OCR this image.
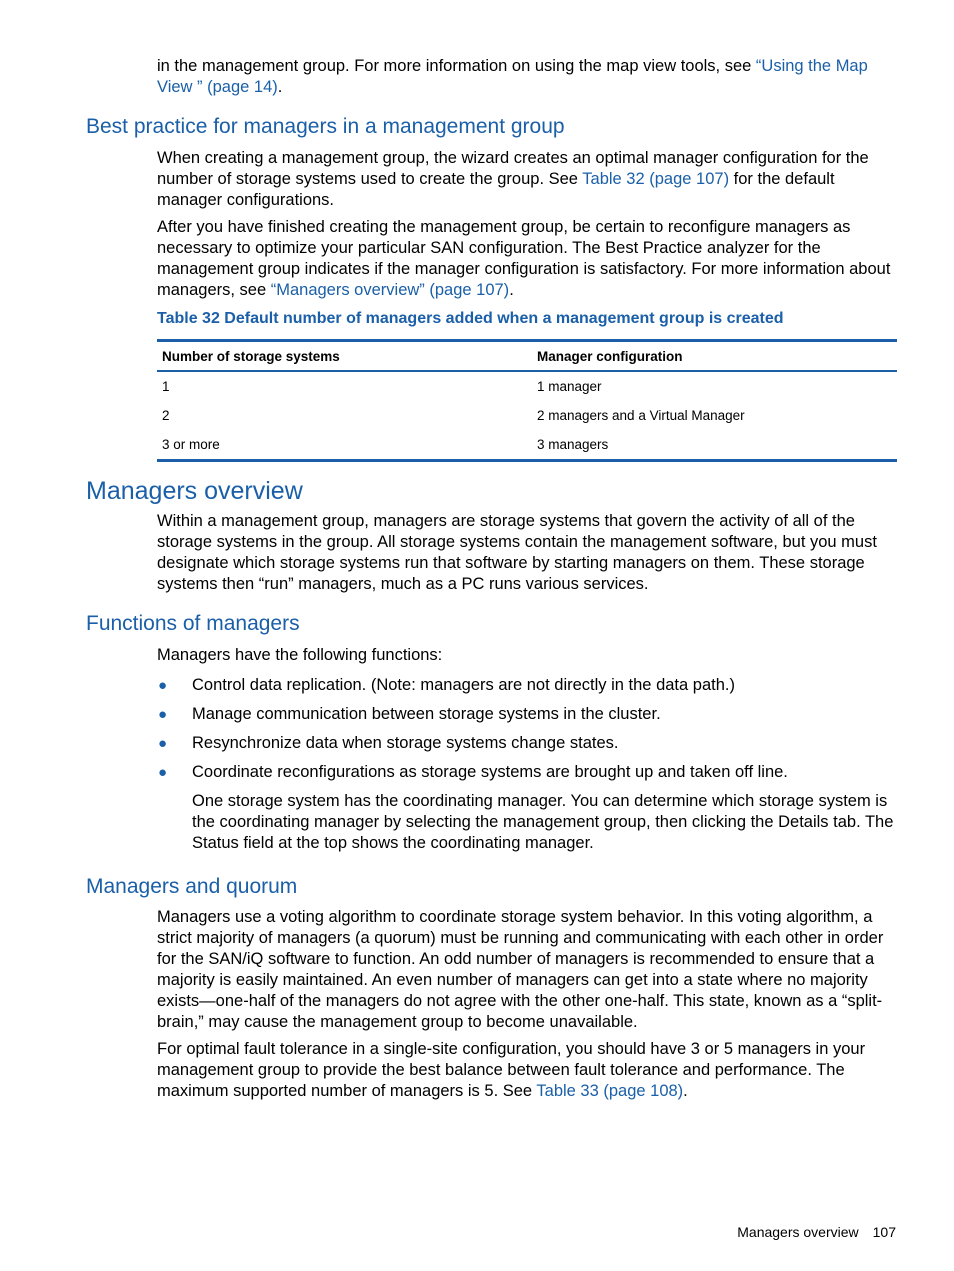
in the management group. For more information on using the map view tools, see “Using the Map View ” (page 14).

Best practice for managers in a management group

When creating a management group, the wizard creates an optimal manager configuration for the number of storage systems used to create the group. See Table 32 (page 107) for the default manager configurations.

After you have finished creating the management group, be certain to reconfigure managers as necessary to optimize your particular SAN configuration. The Best Practice analyzer for the management group indicates if the manager configuration is satisfactory. For more information about managers, see “Managers overview” (page 107).

Table 32 Default number of managers added when a management group is created

Number of storage systems	Manager configuration
1	1 manager
2	2 managers and a Virtual Manager
3 or more	3 managers
Managers overview

Within a management group, managers are storage systems that govern the activity of all of the storage systems in the group. All storage systems contain the management software, but you must designate which storage systems run that software by starting managers on them. These storage systems then “run” managers, much as a PC runs various services.

Functions of managers

Managers have the following functions:

● Control data replication. (Note: managers are not directly in the data path.)
● Manage communication between storage systems in the cluster.
● Resynchronize data when storage systems change states.
● Coordinate reconfigurations as storage systems are brought up and taken off line.

One storage system has the coordinating manager. You can determine which storage system is the coordinating manager by selecting the management group, then clicking the Details tab. The Status field at the top shows the coordinating manager.

Managers and quorum

Managers use a voting algorithm to coordinate storage system behavior. In this voting algorithm, a strict majority of managers (a quorum) must be running and communicating with each other in order for the SAN/iQ software to function. An odd number of managers is recommended to ensure that a majority is easily maintained. An even number of managers can get into a state where no majority exists—one-half of the managers do not agree with the other one-half. This state, known as a “split-brain,” may cause the management group to become unavailable.

For optimal fault tolerance in a single-site configuration, you should have 3 or 5 managers in your management group to provide the best balance between fault tolerance and performance. The maximum supported number of managers is 5. See Table 33 (page 108).

Managers overview 107
